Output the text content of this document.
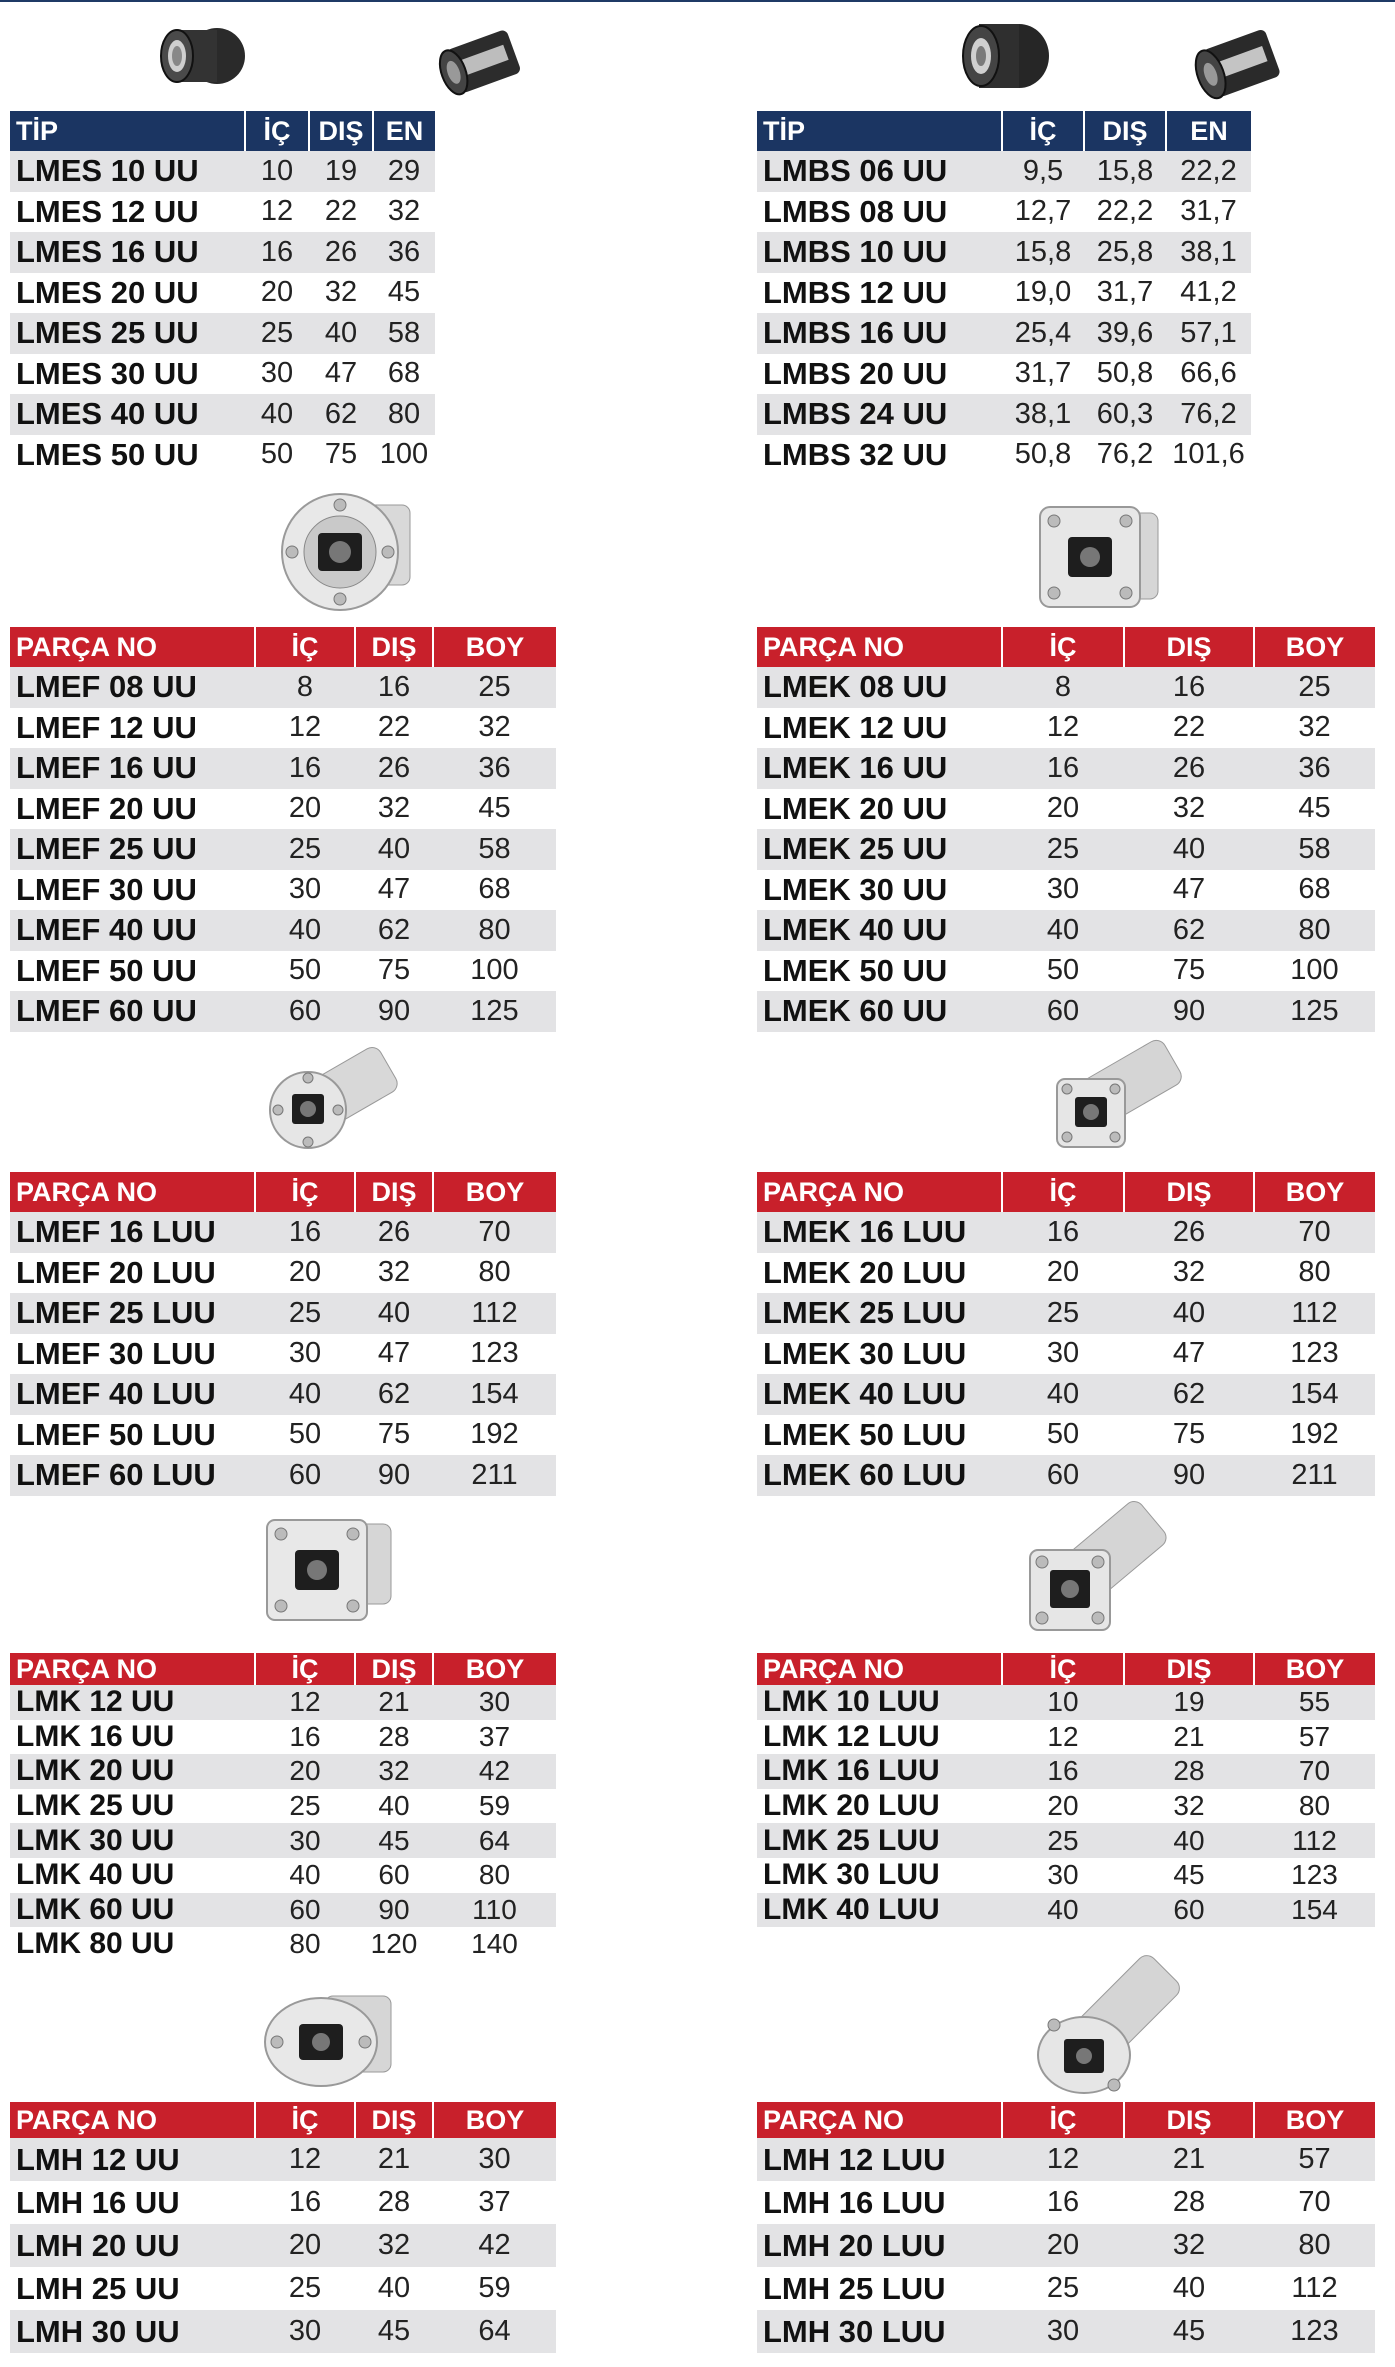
TİP	İÇ	DIŞ	EN
LMES 10 UU	10	19	29
LMES 12 UU	12	22	32
LMES 16 UU	16	26	36
LMES 20 UU	20	32	45
LMES 25 UU	25	40	58
LMES 30 UU	30	47	68
LMES 40 UU	40	62	80
LMES 50 UU	50	75	100
TİP	İÇ	DIŞ	EN
LMBS 06 UU	9,5	15,8	22,2
LMBS 08 UU	12,7	22,2	31,7
LMBS 10 UU	15,8	25,8	38,1
LMBS 12 UU	19,0	31,7	41,2
LMBS 16 UU	25,4	39,6	57,1
LMBS 20 UU	31,7	50,8	66,6
LMBS 24 UU	38,1	60,3	76,2
LMBS 32 UU	50,8	76,2	101,6
PARÇA NO	İÇ	DIŞ	BOY
LMEF 08 UU	8	16	25
LMEF 12 UU	12	22	32
LMEF 16 UU	16	26	36
LMEF 20 UU	20	32	45
LMEF 25 UU	25	40	58
LMEF 30 UU	30	47	68
LMEF 40 UU	40	62	80
LMEF 50 UU	50	75	100
LMEF 60 UU	60	90	125
PARÇA NO	İÇ	DIŞ	BOY
LMEK 08 UU	8	16	25
LMEK 12 UU	12	22	32
LMEK 16 UU	16	26	36
LMEK 20 UU	20	32	45
LMEK 25 UU	25	40	58
LMEK 30 UU	30	47	68
LMEK 40 UU	40	62	80
LMEK 50 UU	50	75	100
LMEK 60 UU	60	90	125
PARÇA NO	İÇ	DIŞ	BOY
LMEF 16 LUU	16	26	70
LMEF 20 LUU	20	32	80
LMEF 25 LUU	25	40	112
LMEF 30 LUU	30	47	123
LMEF 40 LUU	40	62	154
LMEF 50 LUU	50	75	192
LMEF 60 LUU	60	90	211
PARÇA NO	İÇ	DIŞ	BOY
LMEK 16 LUU	16	26	70
LMEK 20 LUU	20	32	80
LMEK 25 LUU	25	40	112
LMEK 30 LUU	30	47	123
LMEK 40 LUU	40	62	154
LMEK 50 LUU	50	75	192
LMEK 60 LUU	60	90	211
PARÇA NO	İÇ	DIŞ	BOY
LMK 12 UU	12	21	30
LMK 16 UU	16	28	37
LMK 20 UU	20	32	42
LMK 25 UU	25	40	59
LMK 30 UU	30	45	64
LMK 40 UU	40	60	80
LMK 60 UU	60	90	110
LMK 80 UU	80	120	140
PARÇA NO	İÇ	DIŞ	BOY
LMK 10 LUU	10	19	55
LMK 12 LUU	12	21	57
LMK 16 LUU	16	28	70
LMK 20 LUU	20	32	80
LMK 25 LUU	25	40	112
LMK 30 LUU	30	45	123
LMK 40 LUU	40	60	154
PARÇA NO	İÇ	DIŞ	BOY
LMH 12 UU	12	21	30
LMH 16 UU	16	28	37
LMH 20 UU	20	32	42
LMH 25 UU	25	40	59
LMH 30 UU	30	45	64
PARÇA NO	İÇ	DIŞ	BOY
LMH 12 LUU	12	21	57
LMH 16 LUU	16	28	70
LMH 20 LUU	20	32	80
LMH 25 LUU	25	40	112
LMH 30 LUU	30	45	123
